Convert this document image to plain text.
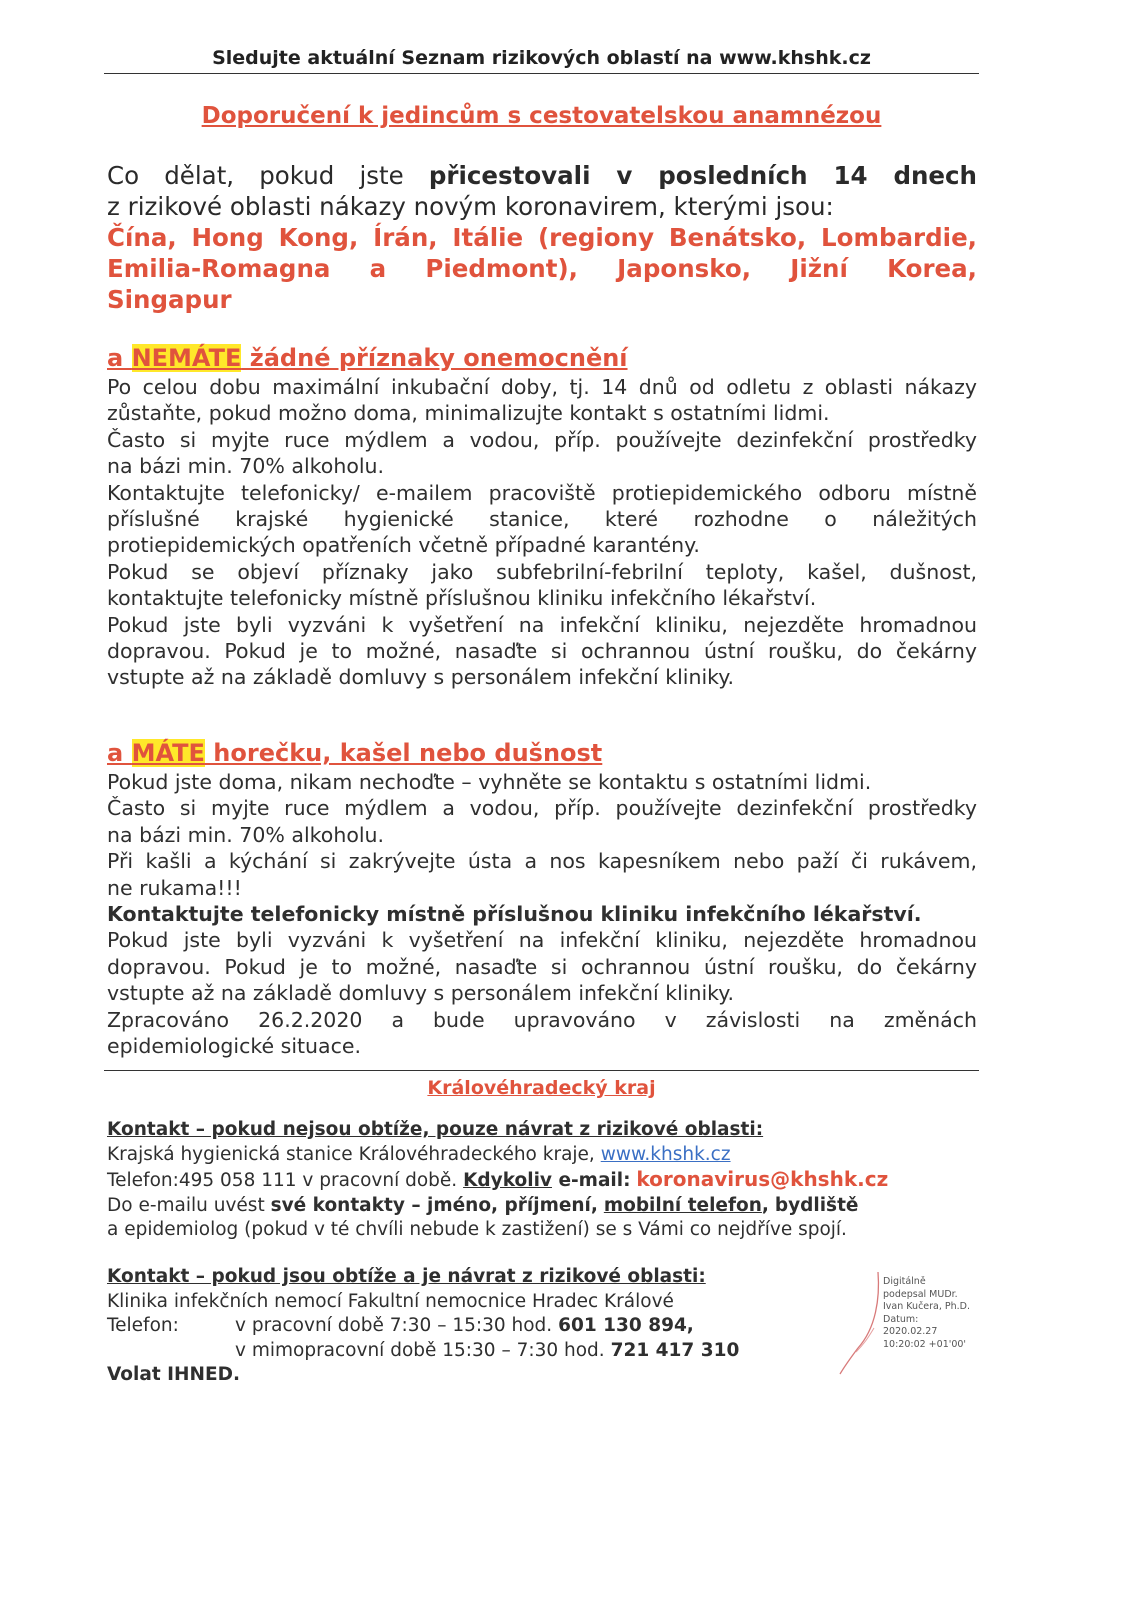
Sledujte aktuální Seznam rizikových oblastí na www.khshk.cz
Doporučení k jedincům s cestovatelskou anamnézou
Co dělat, pokud jste přicestovali v posledních 14 dnech
z rizikové oblasti nákazy novým koronavirem, kterými jsou:
Čína, Hong Kong, Írán, Itálie (regiony Benátsko, Lombardie,
Emilia-Romagna a Piedmont), Japonsko, Jižní Korea,
Singapur
a NEMÁTE žádné příznaky onemocnění
Po celou dobu maximální inkubační doby, tj. 14 dnů od odletu z oblasti nákazy
zůstaňte, pokud možno doma, minimalizujte kontakt s ostatními lidmi.
Často si myjte ruce mýdlem a vodou, příp. používejte dezinfekční prostředky
na bázi min. 70% alkoholu.
Kontaktujte telefonicky/ e-mailem pracoviště protiepidemického odboru místně
příslušné krajské hygienické stanice, které rozhodne o náležitých
protiepidemických opatřeních včetně případné karantény.
Pokud se objeví příznaky jako subfebrilní-febrilní teploty, kašel, dušnost,
kontaktujte telefonicky místně příslušnou kliniku infekčního lékařství.
Pokud jste byli vyzváni k vyšetření na infekční kliniku, nejezděte hromadnou
dopravou. Pokud je to možné, nasaďte si ochrannou ústní roušku, do čekárny
vstupte až na základě domluvy s personálem infekční kliniky.
a MÁTE horečku, kašel nebo dušnost
Pokud jste doma, nikam nechoďte – vyhněte se kontaktu s ostatními lidmi.
Často si myjte ruce mýdlem a vodou, příp. používejte dezinfekční prostředky
na bázi min. 70% alkoholu.
Při kašli a kýchání si zakrývejte ústa a nos kapesníkem nebo paží či rukávem,
ne rukama!!!
Kontaktujte telefonicky místně příslušnou kliniku infekčního lékařství.
Pokud jste byli vyzváni k vyšetření na infekční kliniku, nejezděte hromadnou
dopravou. Pokud je to možné, nasaďte si ochrannou ústní roušku, do čekárny
vstupte až na základě domluvy s personálem infekční kliniky.
Zpracováno 26.2.2020 a bude upravováno v závislosti na změnách
epidemiologické situace.
Královéhradecký kraj
Kontakt – pokud nejsou obtíže, pouze návrat z rizikové oblasti:
Krajská hygienická stanice Královéhradeckého kraje, www.khshk.cz
Telefon:495 058 111 v pracovní době. Kdykoliv e-mail: koronavirus@khshk.cz
Do e-mailu uvést své kontakty – jméno, příjmení, mobilní telefon, bydliště
a epidemiolog (pokud v té chvíli nebude k zastižení) se s Vámi co nejdříve spojí.
Kontakt – pokud jsou obtíže a je návrat z rizikové oblasti:
Klinika infekčních nemocí Fakultní nemocnice Hradec Králové
Telefon:	v pracovní době 7:30 – 15:30 hod. 601 130 894,
v mimopracovní době 15:30 – 7:30 hod. 721 417 310
Volat IHNED.
Digitálně
podepsal MUDr.
Ivan Kučera, Ph.D.
Datum:
2020.02.27
10:20:02 +01'00'
